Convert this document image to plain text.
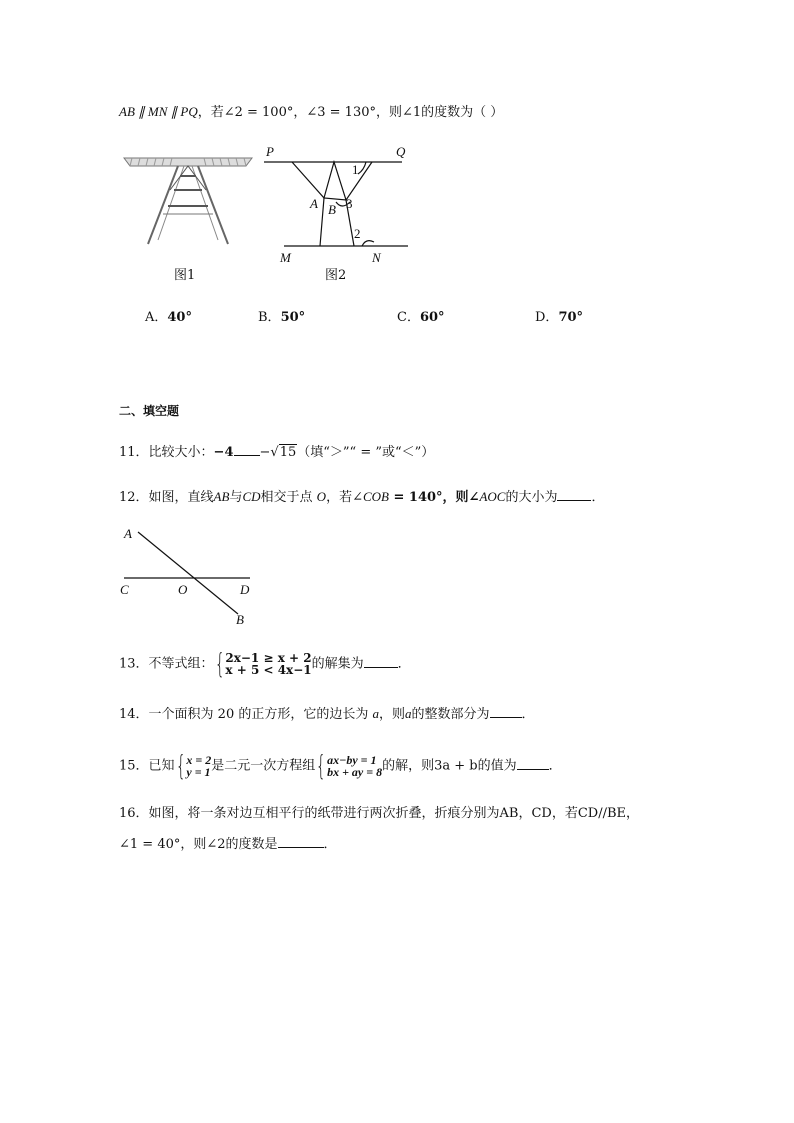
AB ∥ MN ∥ PQ，若∠2 = 100°，∠3 = 130°，则∠1的度数为（ ）
图1
P	Q
1
A B 3
2
M	N
图2
A．40°	B．50°	C．60°	D．70°
二、填空题
11．比较大小：−4 −√15（填“＞”“ = ”或“＜”）
12．如图，直线AB与CD相交于点 O，若∠COB = 140°，则∠AOC的大小为	．
A
C	O	D
B
13．不等式组： { 2x−1 ≥ x + 2
x + 5 < 4x−1 的解集为	．
14．一个面积为 20 的正方形，它的边长为 a，则a的整数部分为 ．
15．已知 { x = 2
y = 1 是二元一次方程组 { ax−by = 1
bx + ay = 8 的解，则3a + b的值为 ．
16．如图，将一条对边互相平行的纸带进行两次折叠，折痕分别为AB，CD，若CD//BE，
∠1 = 40°，则∠2的度数是	．
